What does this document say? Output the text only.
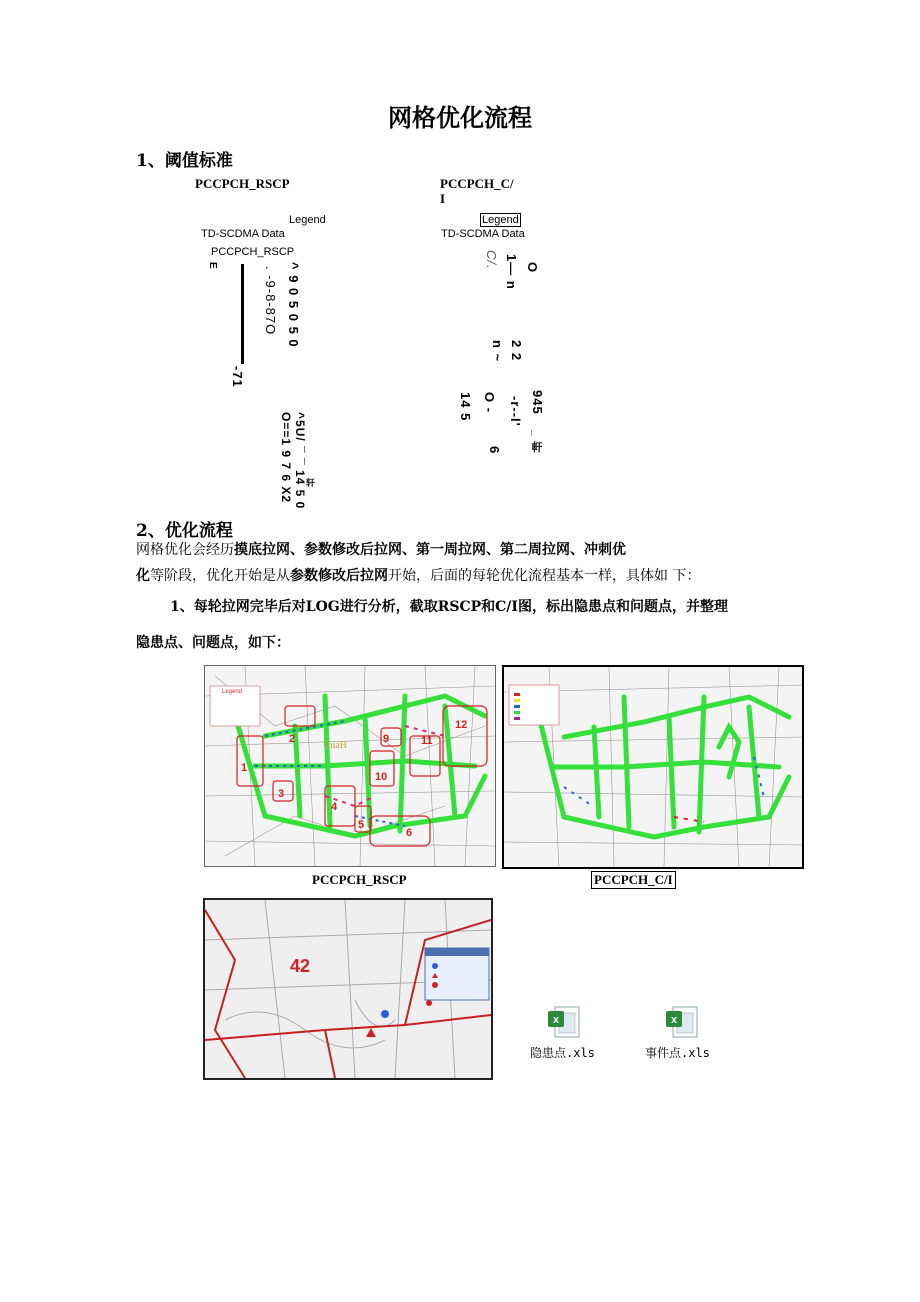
网格优化流程
1、阈值标准
PCCPCH_RSCP
Legend
TD-SCDMA Data
PCCPCH_RSCP
E
-71
. -9-8-87O ^ 9 0 5 0 5 0
O==1 9 7 6 X2 ^5U/ ¯ ¯ 14 5 0
轩
PCCPCH_C/
I
Legend
TD-SCDMA Data
C/. 1— n O
2 2
n ~
14 5 O - -r--l' 945
6	_ 軒
2、优化流程
网格优化会经历摸底拉网、参数修改后拉网、第一周拉网、第二周拉网、冲刺优
化等阶段，优化开始是从参数修改后拉网开始，后面的每轮优化流程基本一样，具体如 下：
1、每轮拉网完毕后对LOG进行分析，截取RSCP和C/I图，标出隐患点和问题点，并整理
隐患点、问题点，如下：
Legend
1
2
3
4
5
6
9
10
11
12
UuaH
PCCPCH_RSCP	PCCPCH_C/I
42
x
隐患点.xls
x
事件点.xls
